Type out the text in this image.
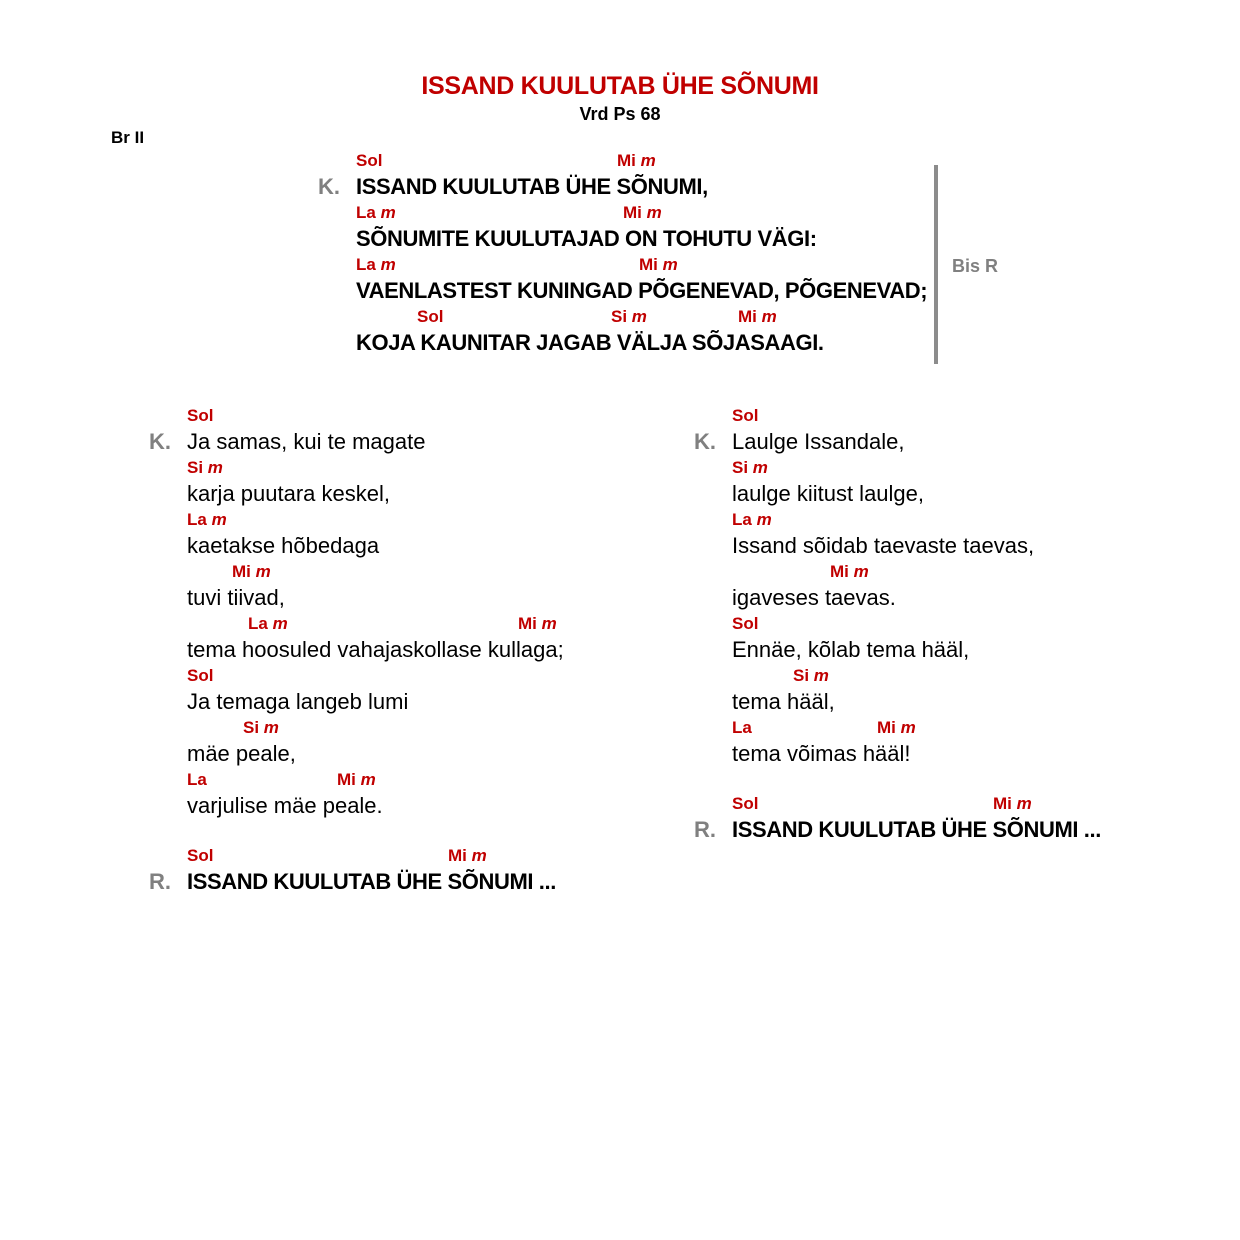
ISSAND KUULUTAB ÜHE SÕNUMI
Vrd Ps 68
Br II
K.
Sol	Mi m
ISSAND KUULUTAB ÜHE SÕNUMI,
La m	Mi m
SÕNUMITE KUULUTAJAD ON TOHUTU VÄGI:
La m	Mi m
VAENLASTEST KUNINGAD PÕGENEVAD, PÕGENEVAD;
Sol	Si m	Mi m
KOJA KAUNITAR JAGAB VÄLJA SÕJASAAGI.
Bis R
K.
Sol
Ja samas, kui te magate
Si m
karja puutara keskel,
La m
kaetakse hõbedaga
Mi m
tuvi tiivad,
La m	Mi m
tema hoosuled vahajaskollase kullaga;
Sol
Ja temaga langeb lumi
Si m
mäe peale,
La	Mi m
varjulise mäe peale.
R.
Sol	Mi m
ISSAND KUULUTAB ÜHE SÕNUMI ...
K.
Sol
Laulge Issandale,
Si m
laulge kiitust laulge,
La m
Issand sõidab taevaste taevas,
Mi m
igaveses taevas.
Sol
Ennäe, kõlab tema hääl,
Si m
tema hääl,
La	Mi m
tema võimas hääl!
R.
Sol	Mi m
ISSAND KUULUTAB ÜHE SÕNUMI ...
